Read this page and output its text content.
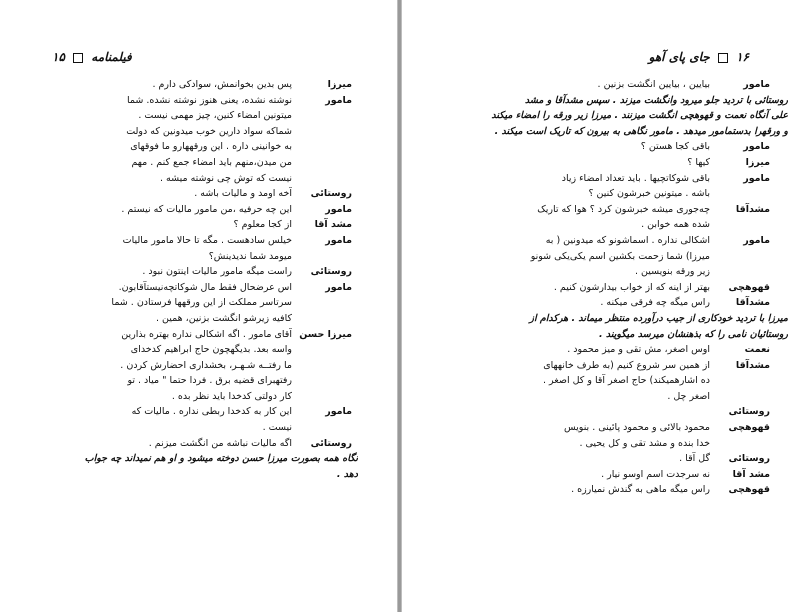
فیلمنامه  ۱۵
میرزا
پس بدین بخوانمش، سوادکی دارم .
مامور
نوشته نشده، یعنی هنوز نوشته نشده. شما
میتونین امضاء کنین، چیز مهمی نیست .
شماکه سواد دارین خوب میدونین که دولت
به خوانینی داره . این ورقههارو ما فوقهای
من میدن،منهم باید امضاء جمع کنم . مهم
نیست که توش چی نوشته میشه .
روستائی
آخه اومد و مالیات باشه .
مامور
این چه حرفیه ،من مامور مالیات که نیستم .
مشد آقا
از کجا معلوم ؟
مامور
خیلس سادهست . مگه تا حالا مامور مالیات
میومد شما ندیدینش؟
روستائی
راست میگه مامور مالیات اینتون نبود .
مامور
اس عرضحال فقط مال شوکاتچه‌نیستآقابون.
سرتاسر مملکت از این ورقهها فرستادن . شما
کافیه زیرشو انگشت بزنین، همین .
میرزا حسن
آقای مامور . اگه اشکالی نداره بهتره بذارین
واسه بعد. بدیگهچون حاج ابراهیم کدخدای
ما رفتــه شـهـر، بخشداری احضارش کردن .
رفتهبرای قضیه برق . فردا حتما " میاد . تو
کار دولتی کدخدا باید نظر بده .
مامور
این کار به کدخدا ربطی نداره . مالیات که
نیست .
روستائی
اگه مالیات نباشه من انگشت میزنم .
نگاه همه بصورت میرزا حسن دوخته میشود و او هم نمیداند چه جواب
دهد .
۱۶  جای پای آهو
مامور
بیایین ، بیایین انگشت بزنین .
روستائی با تردید جلو میرود وانگشت میزند . سپس مشدآقا و مشد
علی آنگاه نعمت و قهوهچی انگشت میزنند . میرزا زیر ورقه را امضاء میکند
و ورقهرا بدستمامور میدهد . مامور نگاهی به بیرون که تاریک است میکند .
مامور
باقی کجا هستن ؟
میرزا
کیها ؟
مامور
باقی شوکاتچیها . باید تعداد امضاء زیاد
باشه . میتونین خبرشون کنین ؟
مشدآقا
چه‌جوری میشه خبرشون کرد ؟ هوا که تاریک
شده همه خوابن .
مامور
اشکالی نداره . اسماشونو که میدونین ( به
میرزا) شما زحمت بکشین اسم یکی‌یکی شونو
زیر ورقه بنویسین .
قهوهچی
بهتر از اینه که از خواب بیدارشون کنیم .
مشدآقا
راس میگه چه فرقی میکنه .
میرزا با تردید خودکاری از جیب درآورده منتظر میماند . هرکدام از
روستائیان نامی را که بذهنشان میرسد میگویند .
نعمت
اوس اصغر، مش تقی و میز محمود .
مشدآقا
از همین سر شروع کنیم (به طرف خانههای
ده اشارهمیکند) حاج اصغر آقا و کل اصغر .
اصغر چل .
روستائی

قهوهچی
محمود بالائی و محمود پائینی . بنویس
خدا بنده و مشد تقی و کل یحیی .
روستائی
گل آقا .
مشد آقا
نه سرجدت اسم اوسو نیار .
قهوهچی
راس میگه ماهی به گندش نمیارزه .
